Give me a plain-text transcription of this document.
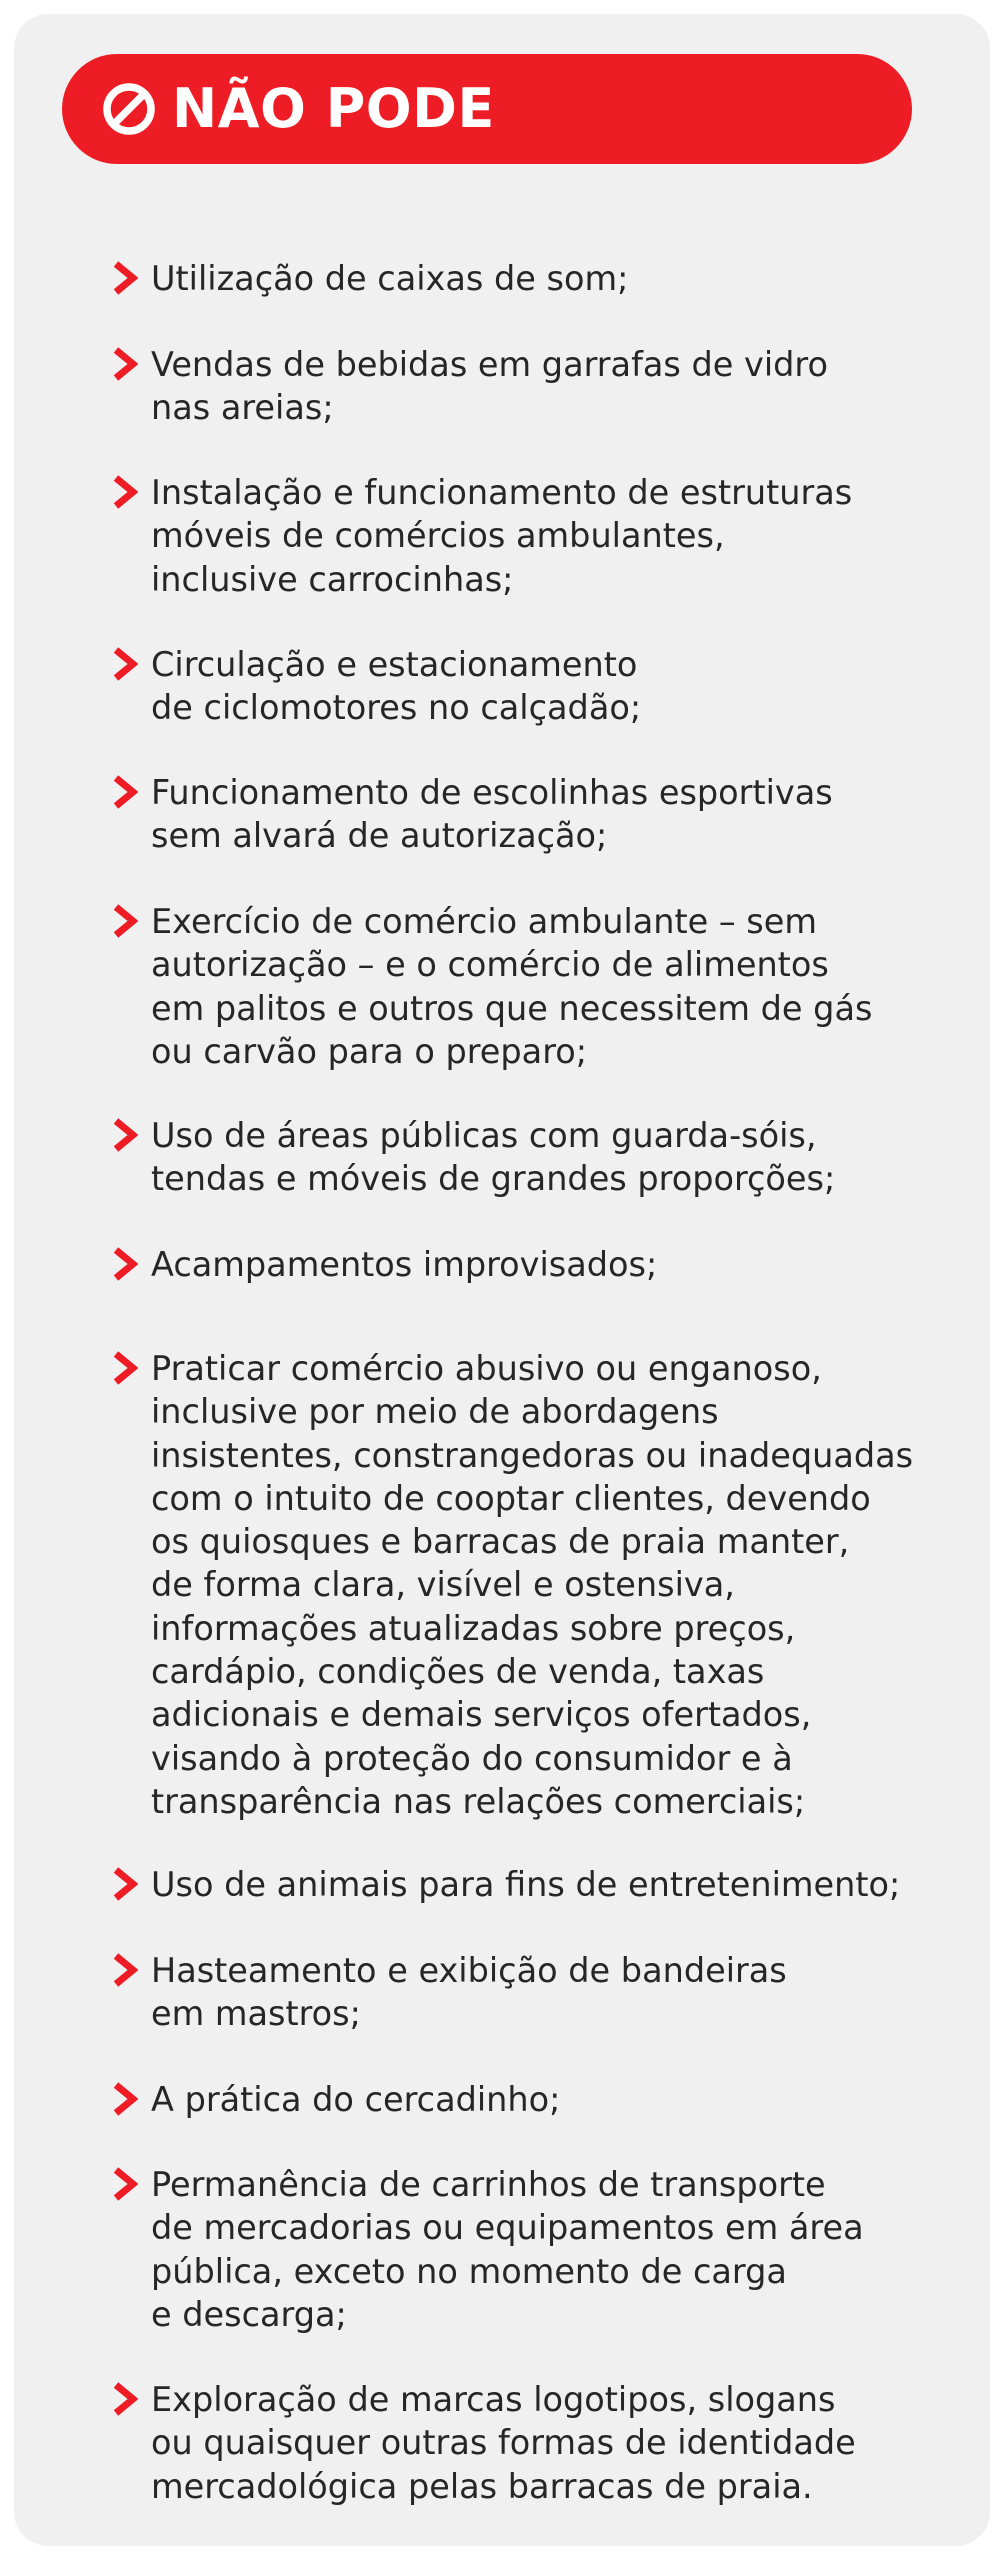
NÃO PODE

Utilização de caixas de som;

Vendas de bebidas em garrafas de vidro
nas areias;

Instalação e funcionamento de estruturas
móveis de comércios ambulantes,
inclusive carrocinhas;

Circulação e estacionamento
de ciclomotores no calçadão;

Funcionamento de escolinhas esportivas
sem alvará de autorização;

Exercício de comércio ambulante – sem
autorização – e o comércio de alimentos
em palitos e outros que necessitem de gás
ou carvão para o preparo;

Uso de áreas públicas com guarda-sóis,
tendas e móveis de grandes proporções;

Acampamentos improvisados;

Praticar comércio abusivo ou enganoso,
inclusive por meio de abordagens
insistentes, constrangedoras ou inadequadas
com o intuito de cooptar clientes, devendo
os quiosques e barracas de praia manter,
de forma clara, visível e ostensiva,
informações atualizadas sobre preços,
cardápio, condições de venda, taxas
adicionais e demais serviços ofertados,
visando à proteção do consumidor e à
transparência nas relações comerciais;

Uso de animais para fins de entretenimento;

Hasteamento e exibição de bandeiras
em mastros;

A prática do cercadinho;

Permanência de carrinhos de transporte
de mercadorias ou equipamentos em área
pública, exceto no momento de carga
e descarga;

Exploração de marcas logotipos, slogans
ou quaisquer outras formas de identidade
mercadológica pelas barracas de praia.
